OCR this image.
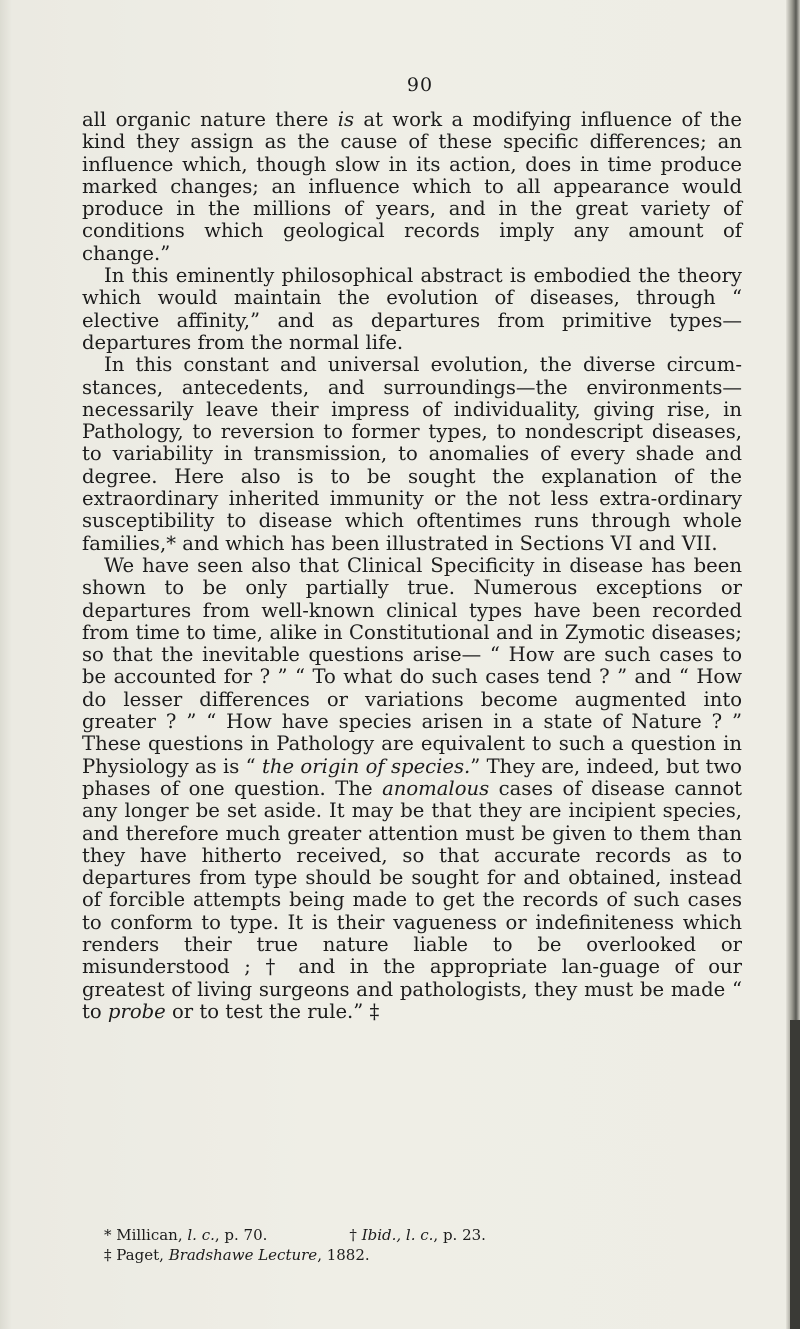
90

all organic nature there is at work a modifying influence of the kind they assign as the cause of these specific differences; an influence which, though slow in its action, does in time produce marked changes; an influence which to all appearance would produce in the millions of years, and in the great variety of conditions which geological records imply any amount of change.”

In this eminently philosophical abstract is embodied the theory which would maintain the evolution of diseases, through “ elective affinity,” and as departures from primitive types—departures from the normal life.

In this constant and universal evolution, the diverse circum-stances, antecedents, and surroundings—the environments—necessarily leave their impress of individuality, giving rise, in Pathology, to reversion to former types, to nondescript diseases, to variability in transmission, to anomalies of every shade and degree. Here also is to be sought the explanation of the extraordinary inherited immunity or the not less extra-ordinary susceptibility to disease which oftentimes runs through whole families,* and which has been illustrated in Sections VI and VII.

We have seen also that Clinical Specificity in disease has been shown to be only partially true. Numerous exceptions or departures from well-known clinical types have been recorded from time to time, alike in Constitutional and in Zymotic diseases; so that the inevitable questions arise— “ How are such cases to be accounted for ? ” “ To what do such cases tend ? ” and “ How do lesser differences or variations become augmented into greater ? ” “ How have species arisen in a state of Nature ? ” These questions in Pathology are equivalent to such a question in Physiology as is “ the origin of species.” They are, indeed, but two phases of one question. The anomalous cases of disease cannot any longer be set aside. It may be that they are incipient species, and therefore much greater attention must be given to them than they have hitherto received, so that accurate records as to departures from type should be sought for and obtained, instead of forcible attempts being made to get the records of such cases to conform to type. It is their vagueness or indefiniteness which renders their true nature liable to be overlooked or misunderstood ; † and in the appropriate lan-guage of our greatest of living surgeons and pathologists, they must be made “ to probe or to test the rule.” ‡

* Millican, l. c., p. 70.	† Ibid., l. c., p. 23.
‡ Paget, Bradshawe Lecture, 1882.
